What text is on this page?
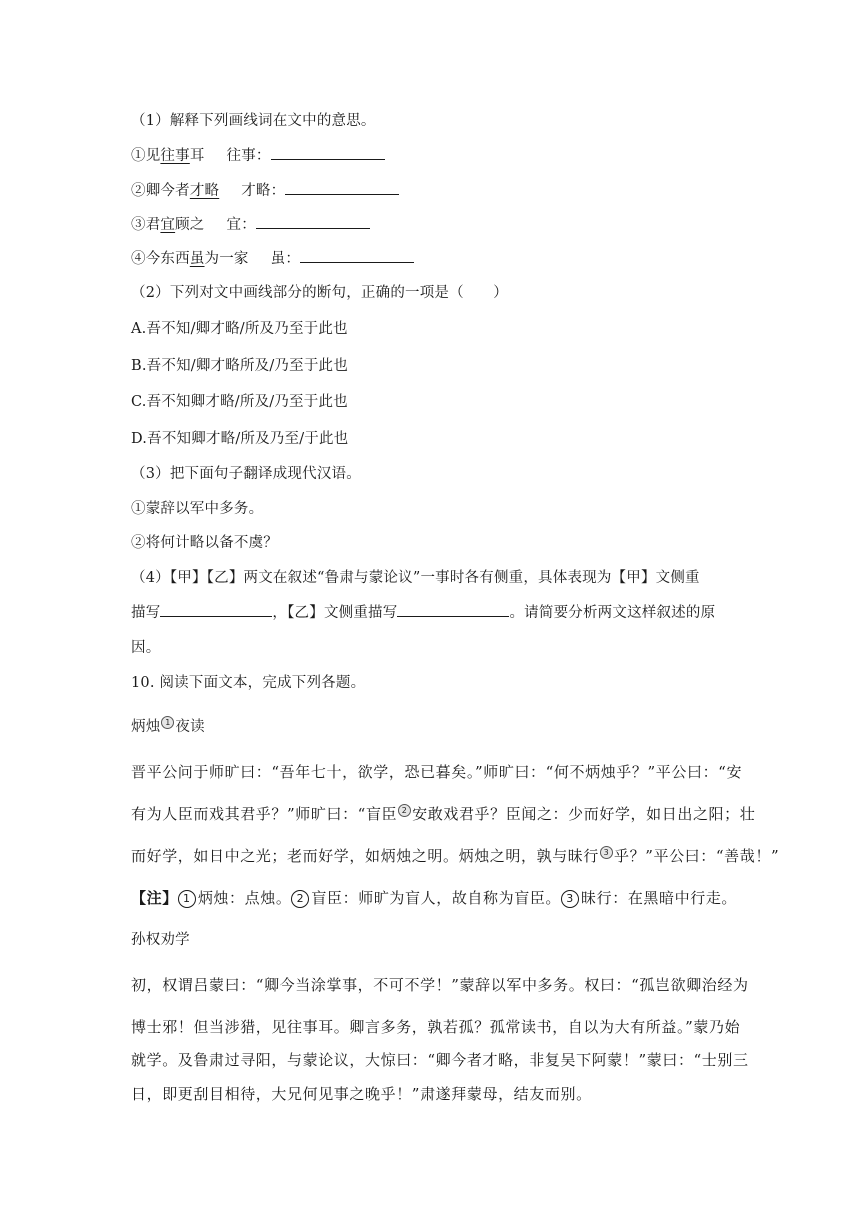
（1）解释下列画线词在文中的意思。
①见往事耳 往事：
②卿今者才略 才略：
③君宜顾之 宜：
④今东西虽为一家 虽：
（2）下列对文中画线部分的断句，正确的一项是（　　）
A.吾不知/卿才略/所及乃至于此也
B.吾不知/卿才略所及/乃至于此也
C.吾不知卿才略/所及/乃至于此也
D.吾不知卿才略/所及乃至/于此也
（3）把下面句子翻译成现代汉语。
①蒙辞以军中多务。
②将何计略以备不虞？
（4）【甲】【乙】两文在叙述“鲁肃与蒙论议”一事时各有侧重，具体表现为【甲】文侧重
描写	，【乙】文侧重描写	。请简要分析两文这样叙述的原
因。
10. 阅读下面文本，完成下列各题。
炳烛 1 夜读
晋平公问于师旷曰：“吾年七十，欲学，恐已暮矣。”师旷曰：“何不炳烛乎？”平公曰：“安
有为人臣而戏其君乎？”师旷曰：“盲臣 2 安敢戏君乎？臣闻之：少而好学，如日出之阳；壮
而好学，如日中之光；老而好学，如炳烛之明。炳烛之明，孰与昧行 3 乎？”平公曰：“善哉！”
【注】 1 炳烛：点烛。 2 盲臣：师旷为盲人，故自称为盲臣。 3 昧行：在黑暗中行走。
孙权劝学
初，权谓吕蒙曰：“卿今当涂掌事，不可不学！”蒙辞以军中多务。权曰：“孤岂欲卿治经为
博士邪！但当涉猎，见往事耳。卿言多务，孰若孤？孤常读书，自以为大有所益。”蒙乃始
就学。及鲁肃过寻阳，与蒙论议，大惊曰：“卿今者才略，非复吴下阿蒙！”蒙曰：“士别三
日，即更刮目相待，大兄何见事之晚乎！”肃遂拜蒙母，结友而别。
